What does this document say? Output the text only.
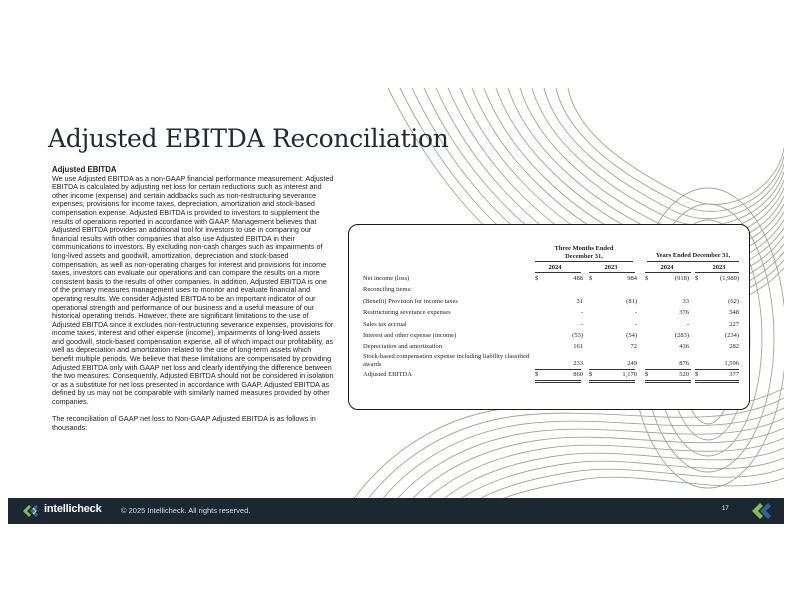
Adjusted EBITDA Reconciliation

Adjusted EBITDA

We use Adjusted EBITDA as a non-GAAP financial performance measurement. Adjusted EBITDA is calculated by adjusting net loss for certain reductions such as interest and other income (expense) and certain addbacks such as non-restructuring severance expenses, provisions for income taxes, depreciation, amortization and stock-based compensation expense. Adjusted EBITDA is provided to investors to supplement the results of operations reported in accordance with GAAP. Management believes that Adjusted EBITDA provides an additional tool for investors to use in comparing our financial results with other companies that also use Adjusted EBITDA in their communications to investors. By excluding non-cash charges such as impairments of long-lived assets and goodwill, amortization, depreciation and stock-based compensation, as well as non-operating charges for interest and provisions for income taxes, investors can evaluate our operations and can compare the results on a more consistent basis to the results of other companies. In addition, Adjusted EBITDA is one of the primary measures management uses to monitor and evaluate financial and operating results. We consider Adjusted EBITDA to be an important indicator of our operational strength and performance of our business and a useful measure of our historical operating trends. However, there are significant limitations to the use of Adjusted EBITDA since it excludes non-restructuring severance expenses, provisions for income taxes, interest and other expense (income), impairments of long-lived assets and goodwill, stock-based compensation expense, all of which impact our profitability, as well as depreciation and amortization related to the use of long-term assets which benefit multiple periods. We believe that these limitations are compensated by providing Adjusted EBITDA only with GAAP net loss and clearly identifying the difference between the two measures. Consequently, Adjusted EBITDA should not be considered in isolation or as a substitute for net loss presented in accordance with GAAP. Adjusted EBITDA as defined by us may not be comparable with similarly named measures provided by other companies.

The reconciliation of GAAP net loss to Non-GAAP Adjusted EBITDA is as follows in thousands:

Three Months Ended
December 31,	Years Ended December 31,
2024	2023	2024	2023
Net income (loss)	$	488 $	984 $	(918) $	(1,980)
Reconciling items:
(Benefit) Provision for income taxes	31	(81)	33	(62)
Restructuring severance expenses	-	-	376	548
Sales tax accrual	-	-	-	227
Interest and other expense (income)	(53)	(54)	(283)	(234)
Depreciation and amortization	161	72	436	282
Stock-based compensation expense including liability classified awards	233	249	876	1,596
Adjusted EBITDA	$	860 $	1,170 $	520 $	377
intellicheck	© 2025 Intellicheck. All rights reserved.	17
